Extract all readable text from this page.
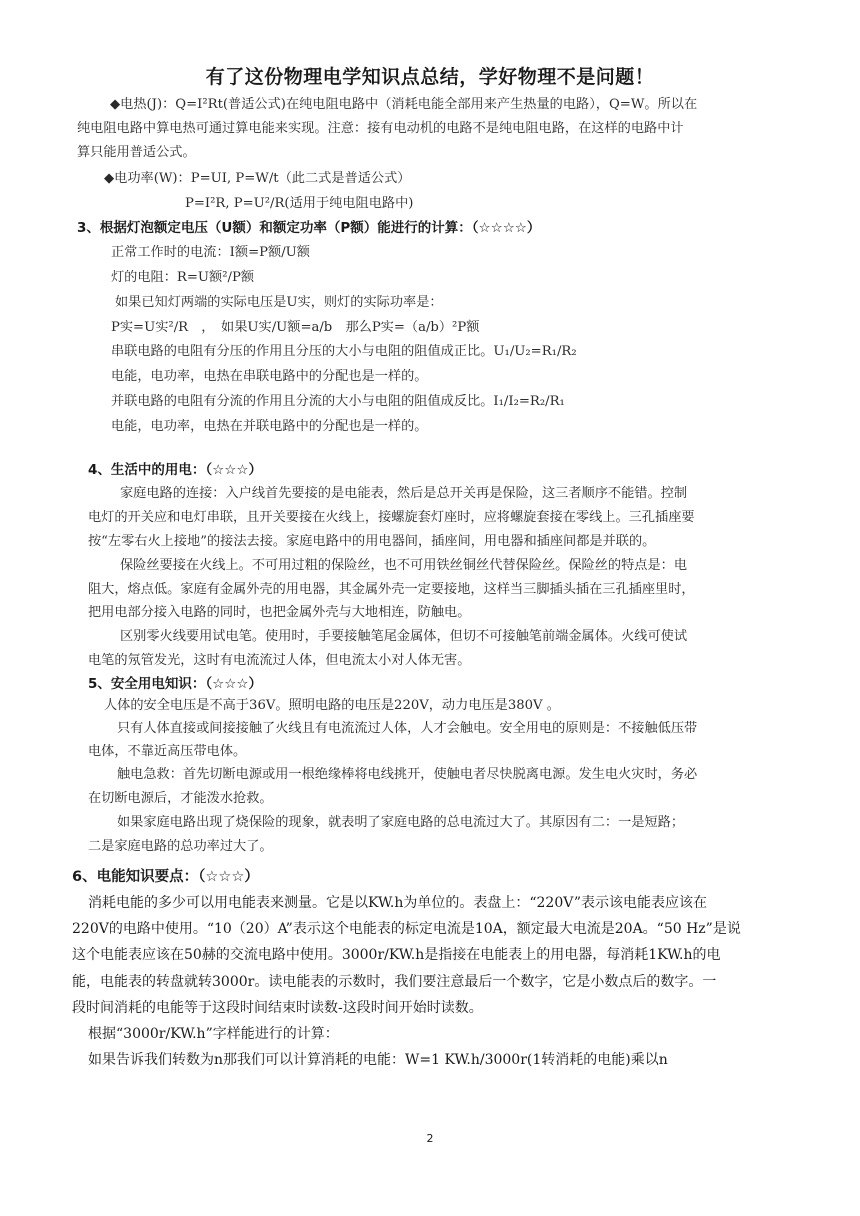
有了这份物理电学知识点总结，学好物理不是问题！
◆电热(J)：Q=I²Rt(普适公式)在纯电阻电路中（消耗电能全部用来产生热量的电路），Q=W。所以在
纯电阻电路中算电热可通过算电能来实现。注意：接有电动机的电路不是纯电阻电路，在这样的电路中计
算只能用普适公式。
◆电功率(W)：P=UI, P=W/t（此二式是普适公式）
P=I²R, P=U²/R(适用于纯电阻电路中)
3、根据灯泡额定电压（U额）和额定功率（P额）能进行的计算：（☆☆☆☆）
正常工作时的电流：I额=P额/U额
灯的电阻：R=U额²/P额
如果已知灯两端的实际电压是U实，则灯的实际功率是：
P实=U实²/R　，　如果U实/U额=a/b　那么P实=（a/b）²P额
串联电路的电阻有分压的作用且分压的大小与电阻的阻值成正比。U₁/U₂=R₁/R₂
电能，电功率，电热在串联电路中的分配也是一样的。
并联电路的电阻有分流的作用且分流的大小与电阻的阻值成反比。I₁/I₂=R₂/R₁
电能，电功率，电热在并联电路中的分配也是一样的。
4、生活中的用电：（☆☆☆）
家庭电路的连接：入户线首先要接的是电能表，然后是总开关再是保险，这三者顺序不能错。控制
电灯的开关应和电灯串联，且开关要接在火线上，接螺旋套灯座时，应将螺旋套接在零线上。三孔插座要
按“左零右火上接地”的接法去接。家庭电路中的用电器间，插座间，用电器和插座间都是并联的。
保险丝要接在火线上。不可用过粗的保险丝，也不可用铁丝铜丝代替保险丝。保险丝的特点是：电
阻大，熔点低。家庭有金属外壳的用电器，其金属外壳一定要接地，这样当三脚插头插在三孔插座里时，
把用电部分接入电路的同时，也把金属外壳与大地相连，防触电。
区别零火线要用试电笔。使用时，手要接触笔尾金属体，但切不可接触笔前端金属体。火线可使试
电笔的氖管发光，这时有电流流过人体，但电流太小对人体无害。
5、安全用电知识：（☆☆☆）
人体的安全电压是不高于36V。照明电路的电压是220V，动力电压是380V 。
只有人体直接或间接接触了火线且有电流流过人体，人才会触电。安全用电的原则是：不接触低压带
电体，不靠近高压带电体。
触电急救：首先切断电源或用一根绝缘棒将电线挑开，使触电者尽快脱离电源。发生电火灾时，务必
在切断电源后，才能泼水抢救。
如果家庭电路出现了烧保险的现象，就表明了家庭电路的总电流过大了。其原因有二：一是短路；
二是家庭电路的总功率过大了。
6、电能知识要点：（☆☆☆）
消耗电能的多少可以用电能表来测量。它是以KW.h为单位的。表盘上：“220V”表示该电能表应该在
220V的电路中使用。“10（20）A”表示这个电能表的标定电流是10A，额定最大电流是20A。“50 Hz”是说
这个电能表应该在50赫的交流电路中使用。3000r/KW.h是指接在电能表上的用电器，每消耗1KW.h的电
能，电能表的转盘就转3000r。读电能表的示数时，我们要注意最后一个数字，它是小数点后的数字。一
段时间消耗的电能等于这段时间结束时读数-这段时间开始时读数。
根据“3000r/KW.h”字样能进行的计算：
如果告诉我们转数为n那我们可以计算消耗的电能：W=1 KW.h/3000r(1转消耗的电能)乘以n
2
